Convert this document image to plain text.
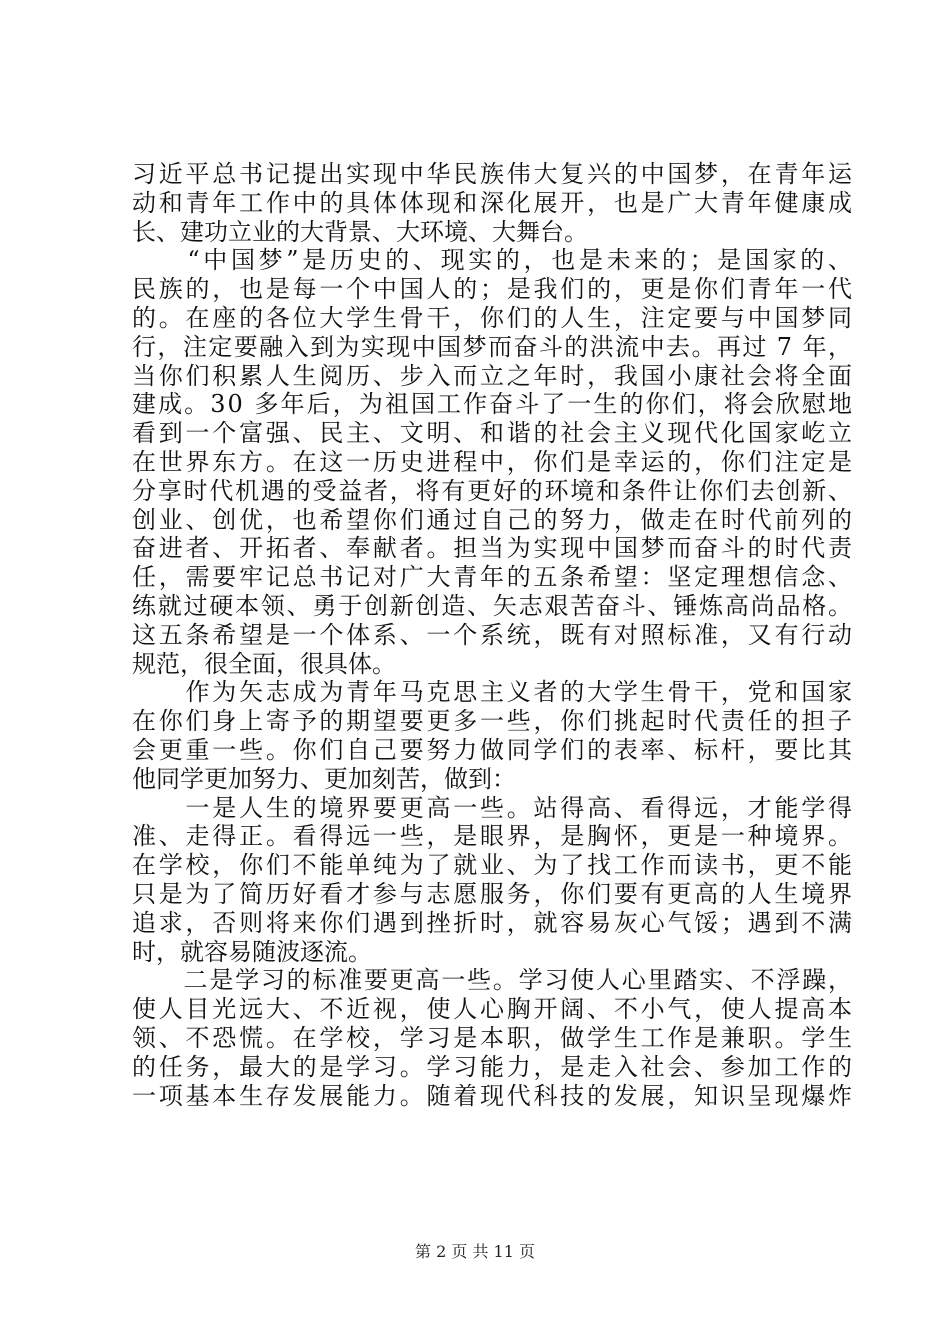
习近平总书记提出实现中华民族伟大复兴的中国梦，在青年运
动和青年工作中的具体体现和深化展开，也是广大青年健康成
长、建功立业的大背景、大环境、大舞台。
　　“中国梦”是历史的、现实的，也是未来的；是国家的、
民族的，也是每一个中国人的；是我们的，更是你们青年一代
的。在座的各位大学生骨干，你们的人生，注定要与中国梦同
行，注定要融入到为实现中国梦而奋斗的洪流中去。再过 7 年，
当你们积累人生阅历、步入而立之年时，我国小康社会将全面
建成。30 多年后，为祖国工作奋斗了一生的你们，将会欣慰地
看到一个富强、民主、文明、和谐的社会主义现代化国家屹立
在世界东方。在这一历史进程中，你们是幸运的，你们注定是
分享时代机遇的受益者，将有更好的环境和条件让你们去创新、
创业、创优，也希望你们通过自己的努力，做走在时代前列的
奋进者、开拓者、奉献者。担当为实现中国梦而奋斗的时代责
任，需要牢记总书记对广大青年的五条希望：坚定理想信念、
练就过硬本领、勇于创新创造、矢志艰苦奋斗、锤炼高尚品格。
这五条希望是一个体系、一个系统，既有对照标准，又有行动
规范，很全面，很具体。
　　作为矢志成为青年马克思主义者的大学生骨干，党和国家
在你们身上寄予的期望要更多一些，你们挑起时代责任的担子
会更重一些。你们自己要努力做同学们的表率、标杆，要比其
他同学更加努力、更加刻苦，做到：
　　一是人生的境界要更高一些。站得高、看得远，才能学得
准、走得正。看得远一些，是眼界，是胸怀，更是一种境界。
在学校，你们不能单纯为了就业、为了找工作而读书，更不能
只是为了简历好看才参与志愿服务，你们要有更高的人生境界
追求，否则将来你们遇到挫折时，就容易灰心气馁；遇到不满
时，就容易随波逐流。
　　二是学习的标准要更高一些。学习使人心里踏实、不浮躁，
使人目光远大、不近视，使人心胸开阔、不小气，使人提高本
领、不恐慌。在学校，学习是本职，做学生工作是兼职。学生
的任务，最大的是学习。学习能力，是走入社会、参加工作的
一项基本生存发展能力。随着现代科技的发展，知识呈现爆炸
第 2 页 共 11 页
